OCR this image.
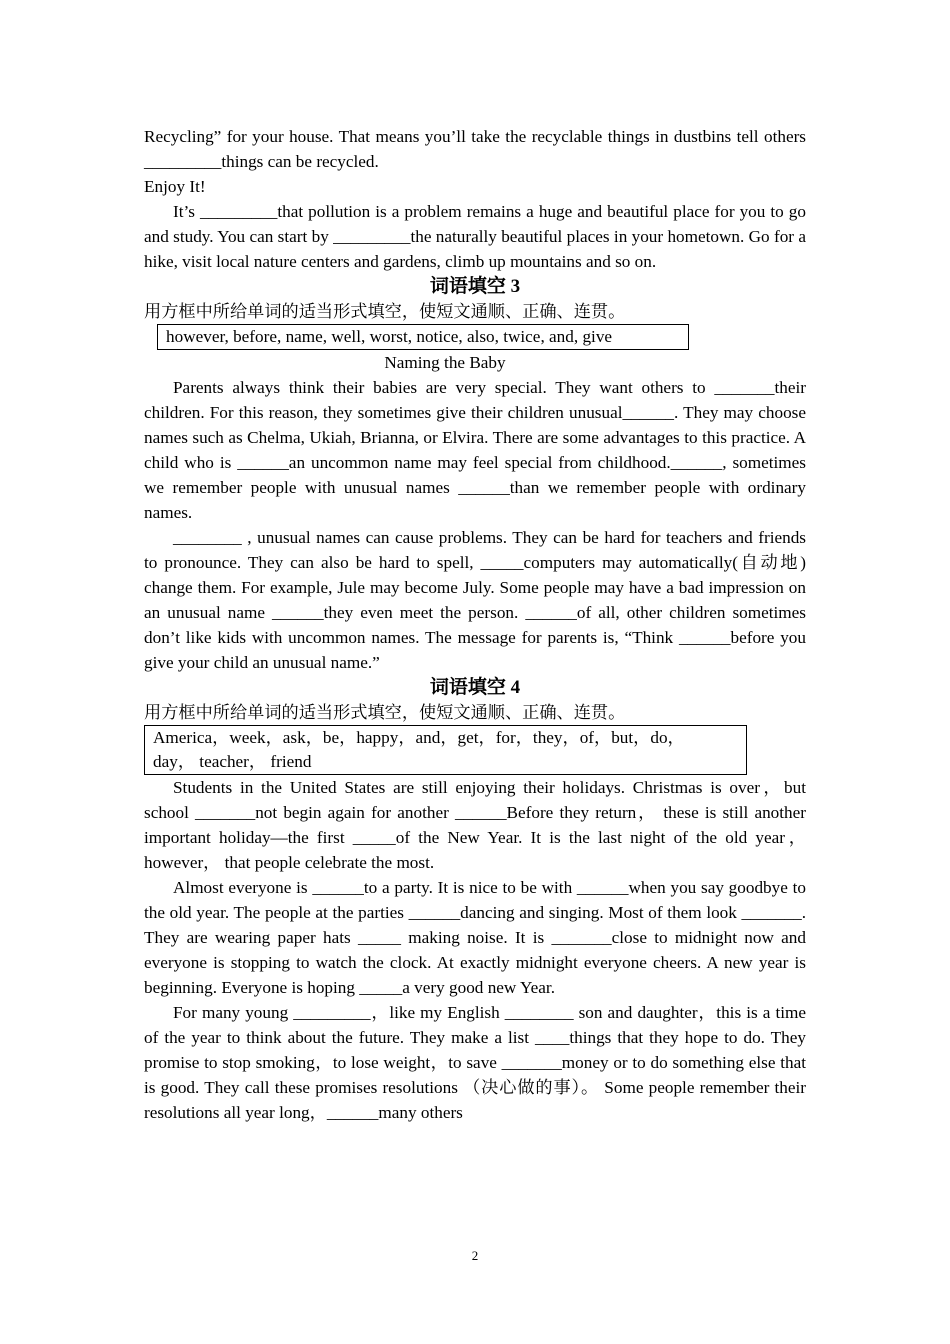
Recycling” for your house. That means you’ll take the recyclable things in dustbins tell others _________things can be recycled.

Enjoy It!

It’s _________that pollution is a problem remains a huge and beautiful place for you to go and study. You can start by _________the naturally beautiful places in your hometown. Go for a hike, visit local nature centers and gardens, climb up mountains and so on.

词语填空 3

用方框中所给单词的适当形式填空，使短文通顺、正确、连贯。

however, before, name, well, worst, notice, also, twice, and, give
Naming the Baby

Parents always think their babies are very special. They want others to _______their children. For this reason, they sometimes give their children unusual______. They may choose names such as Chelma, Ukiah, Brianna, or Elvira. There are some advantages to this practice. A child who is ______an uncommon name may feel special from childhood.______, sometimes we remember people with unusual names ______than we remember people with ordinary names.

________ , unusual names can cause problems. They can be hard for teachers and friends to pronounce. They can also be hard to spell, _____computers may automatically(自动地) change them. For example, Jule may become July. Some people may have a bad impression on an unusual name ______they even meet the person. ______of all, other children sometimes don’t like kids with uncommon names. The message for parents is, “Think ______before you give your child an unusual name.”

词语填空 4

用方框中所给单词的适当形式填空，使短文通顺、正确、连贯。

America，week，ask，be，happy，and，get，for，they，of，but，do，
day， teacher， friend

Students in the United States are still enjoying their holidays. Christmas is over，but school _______not begin again for another ______Before they return， these is still another important holiday—the first _____of the New Year. It is the last night of the old year， however， that people celebrate the most.

Almost everyone is ______to a party. It is nice to be with ______when you say goodbye to the old year. The people at the parties ______dancing and singing. Most of them look _______. They are wearing paper hats _____ making noise. It is _______close to midnight now and everyone is stopping to watch the clock. At exactly midnight everyone cheers. A new year is beginning. Everyone is hoping _____a very good new Year.

For many young _________，like my English ________ son and daughter，this is a time of the year to think about the future. They make a list ____things that they hope to do. They promise to stop smoking，to lose weight，to save _______money or to do something else that is good. They call these promises resolutions （决心做的事）。 Some people remember their resolutions all year long，______many others

2
